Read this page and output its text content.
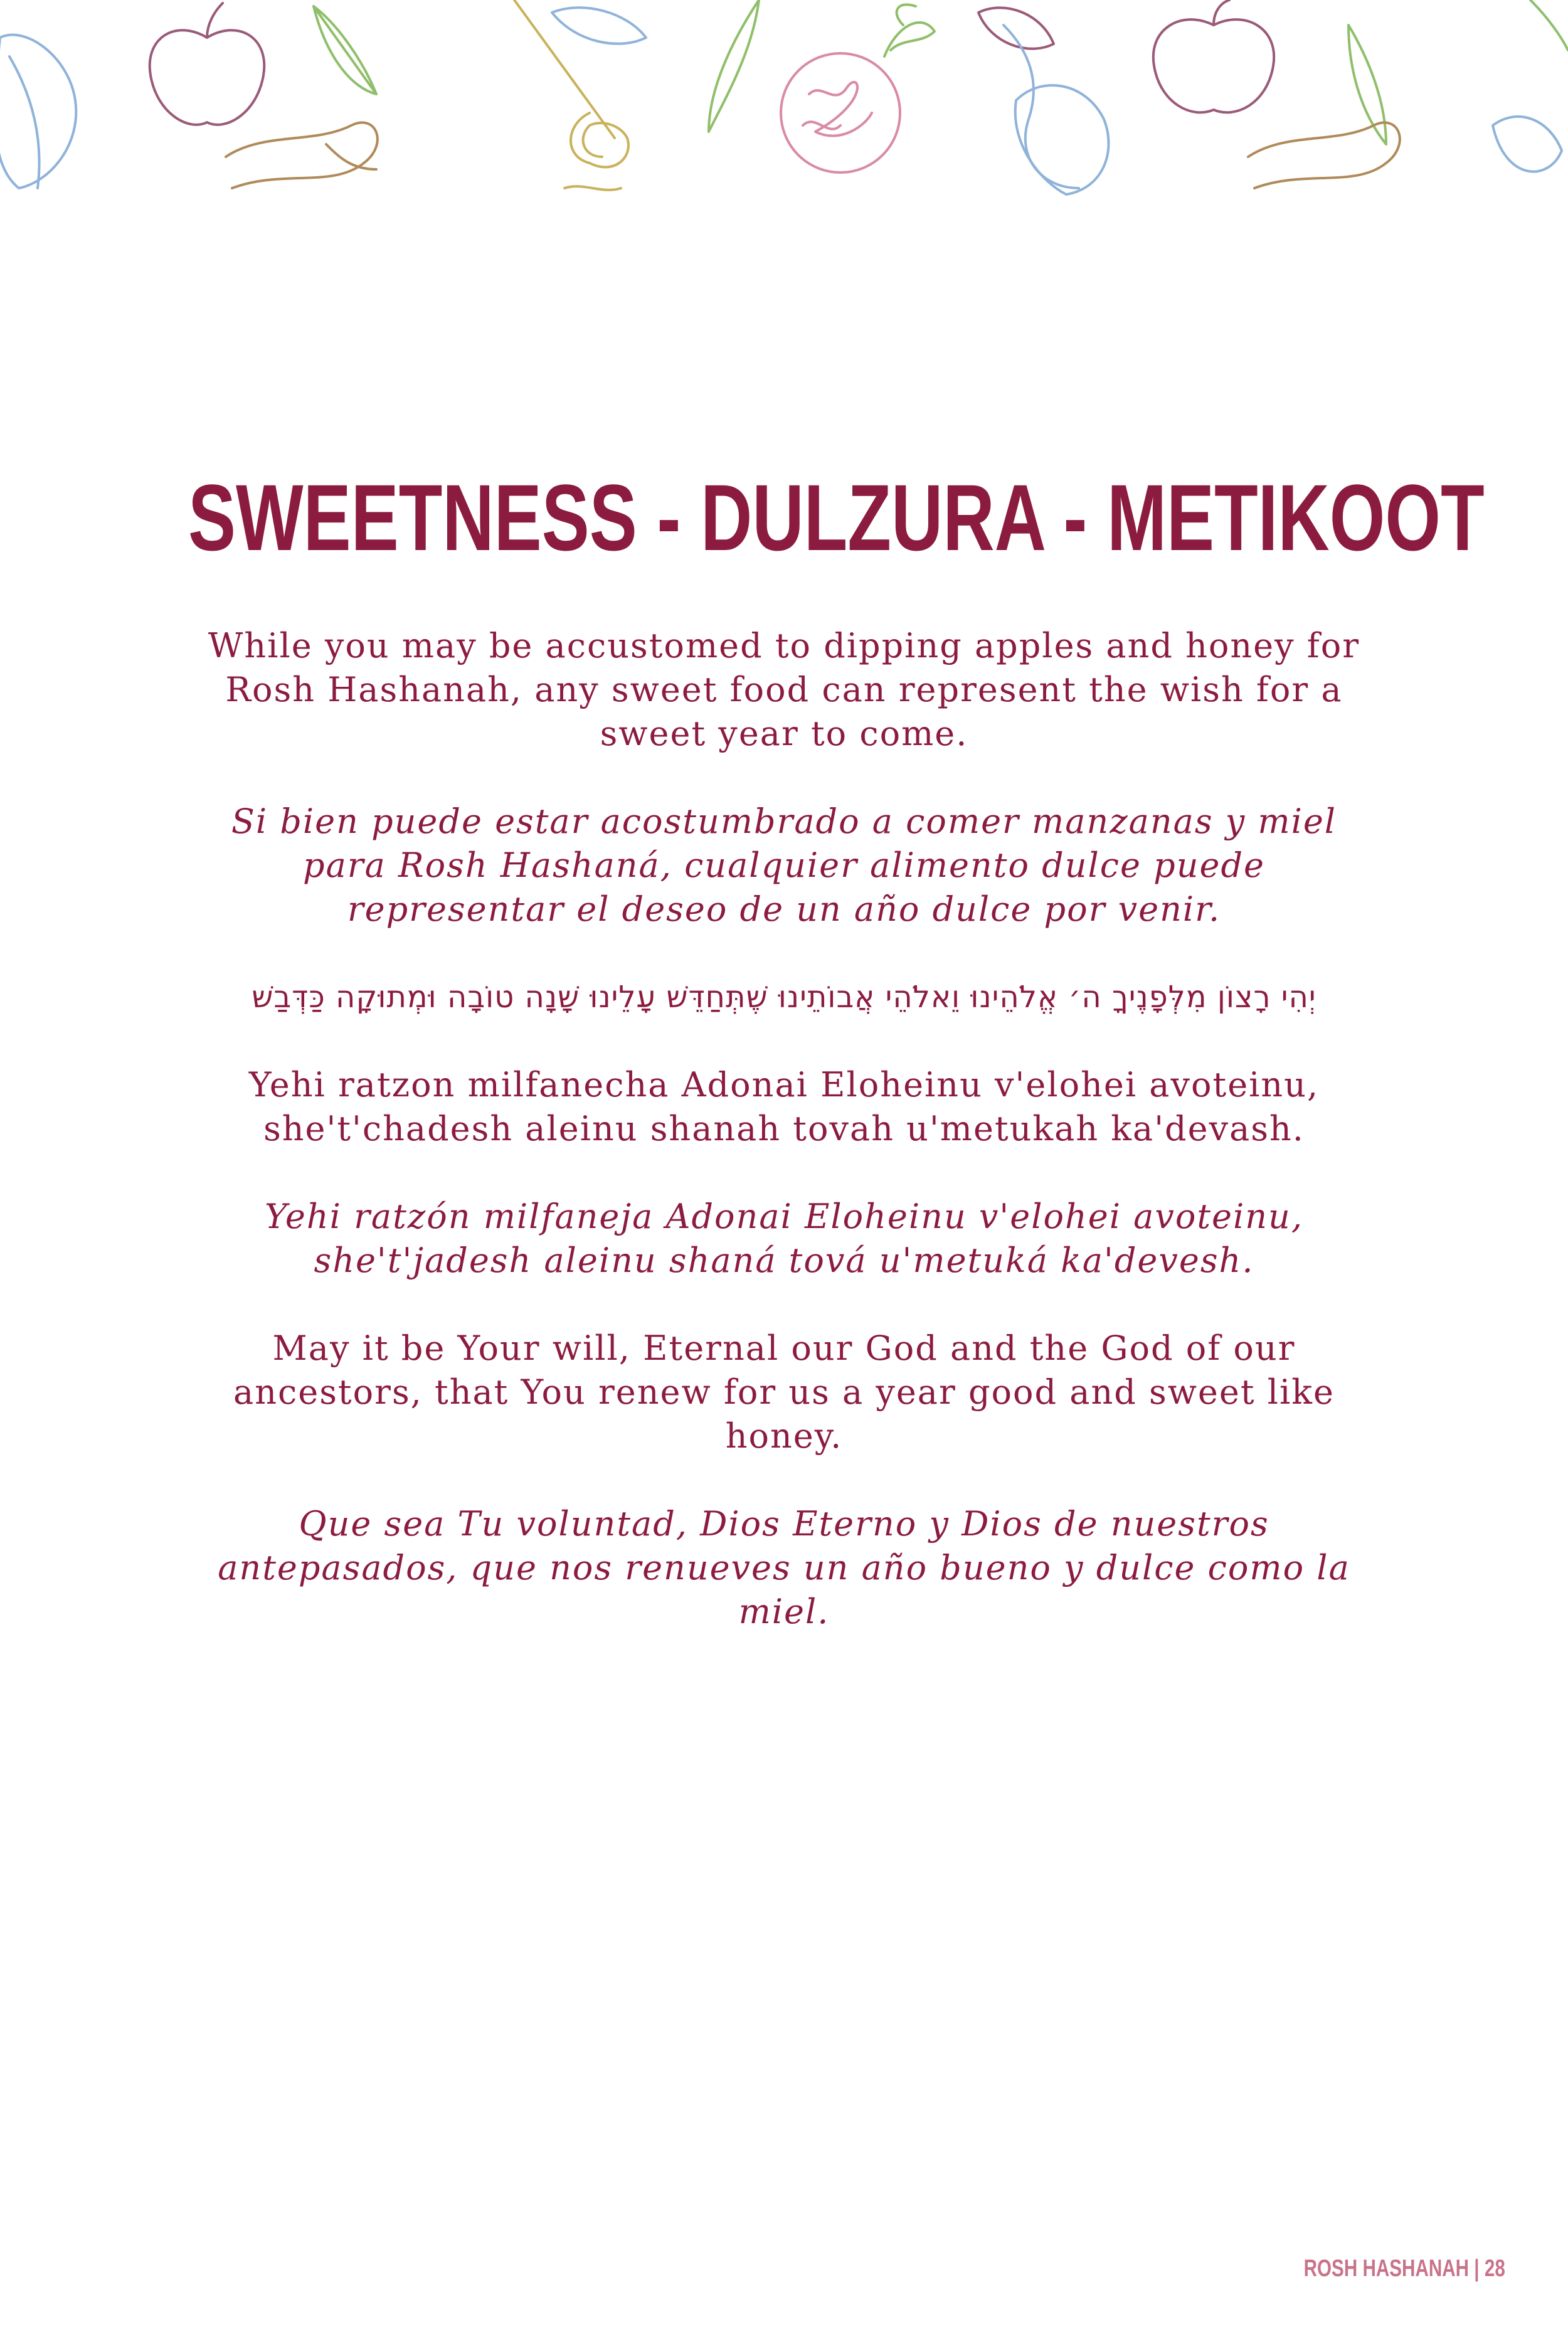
SWEETNESS - DULZURA - METIKOOT

While you may be accustomed to dipping apples and honey for Rosh Hashanah, any sweet food can represent the wish for a sweet year to come.

Si bien puede estar acostumbrado a comer manzanas y miel para Rosh Hashaná, cualquier alimento dulce puede representar el deseo de un año dulce por venir.

יְהִי רָצוֹן מִלְּפָנֶיךָ ה׳ אֱלֹהֵינוּ וֵאלֹהֵי אֲבוֹתֵינוּ שֶׁתְּחַדֵּשׁ עָלֵינוּ שָׁנָה טוֹבָה וּמְתוּקָה כַּדְּבַשׁ

Yehi ratzon milfanecha Adonai Eloheinu v'elohei avoteinu, she't'chadesh aleinu shanah tovah u'metukah ka'devash.

Yehi ratzón milfaneja Adonai Eloheinu v'elohei avoteinu, she't'jadesh aleinu shaná tová u'metuká ka'devesh.

May it be Your will, Eternal our God and the God of our ancestors, that You renew for us a year good and sweet like honey.

Que sea Tu voluntad, Dios Eterno y Dios de nuestros antepasados, que nos renueves un año bueno y dulce como la miel.

ROSH HASHANAH | 28
